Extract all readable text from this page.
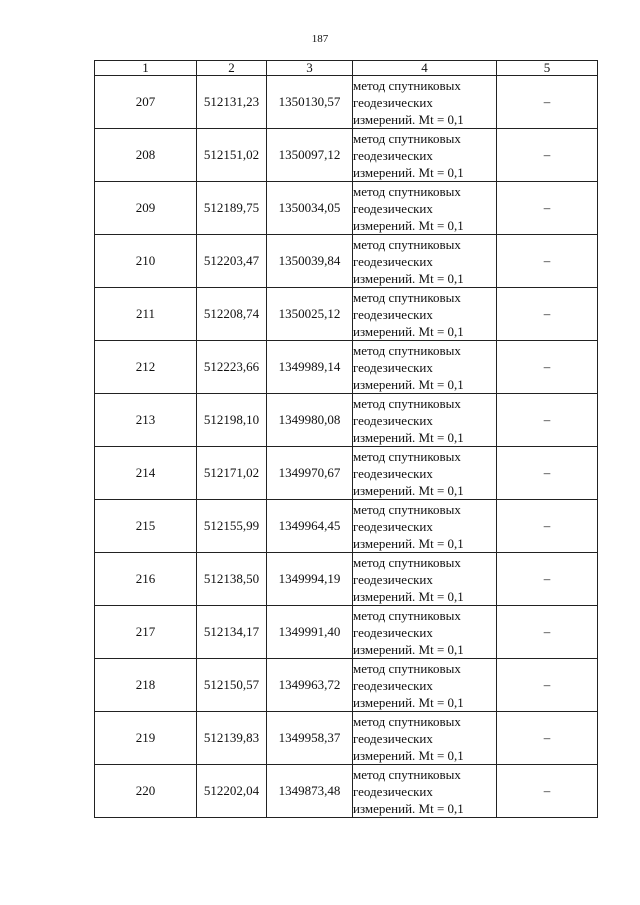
187
1	2	3	4	5
207	512131,23	1350130,57	метод спутниковых
геодезических
измерений. Mt = 0,1	–
208	512151,02	1350097,12	метод спутниковых
геодезических
измерений. Mt = 0,1	–
209	512189,75	1350034,05	метод спутниковых
геодезических
измерений. Mt = 0,1	–
210	512203,47	1350039,84	метод спутниковых
геодезических
измерений. Mt = 0,1	–
211	512208,74	1350025,12	метод спутниковых
геодезических
измерений. Mt = 0,1	–
212	512223,66	1349989,14	метод спутниковых
геодезических
измерений. Mt = 0,1	–
213	512198,10	1349980,08	метод спутниковых
геодезических
измерений. Mt = 0,1	–
214	512171,02	1349970,67	метод спутниковых
геодезических
измерений. Mt = 0,1	–
215	512155,99	1349964,45	метод спутниковых
геодезических
измерений. Mt = 0,1	–
216	512138,50	1349994,19	метод спутниковых
геодезических
измерений. Mt = 0,1	–
217	512134,17	1349991,40	метод спутниковых
геодезических
измерений. Mt = 0,1	–
218	512150,57	1349963,72	метод спутниковых
геодезических
измерений. Mt = 0,1	–
219	512139,83	1349958,37	метод спутниковых
геодезических
измерений. Mt = 0,1	–
220	512202,04	1349873,48	метод спутниковых
геодезических
измерений. Mt = 0,1	–
